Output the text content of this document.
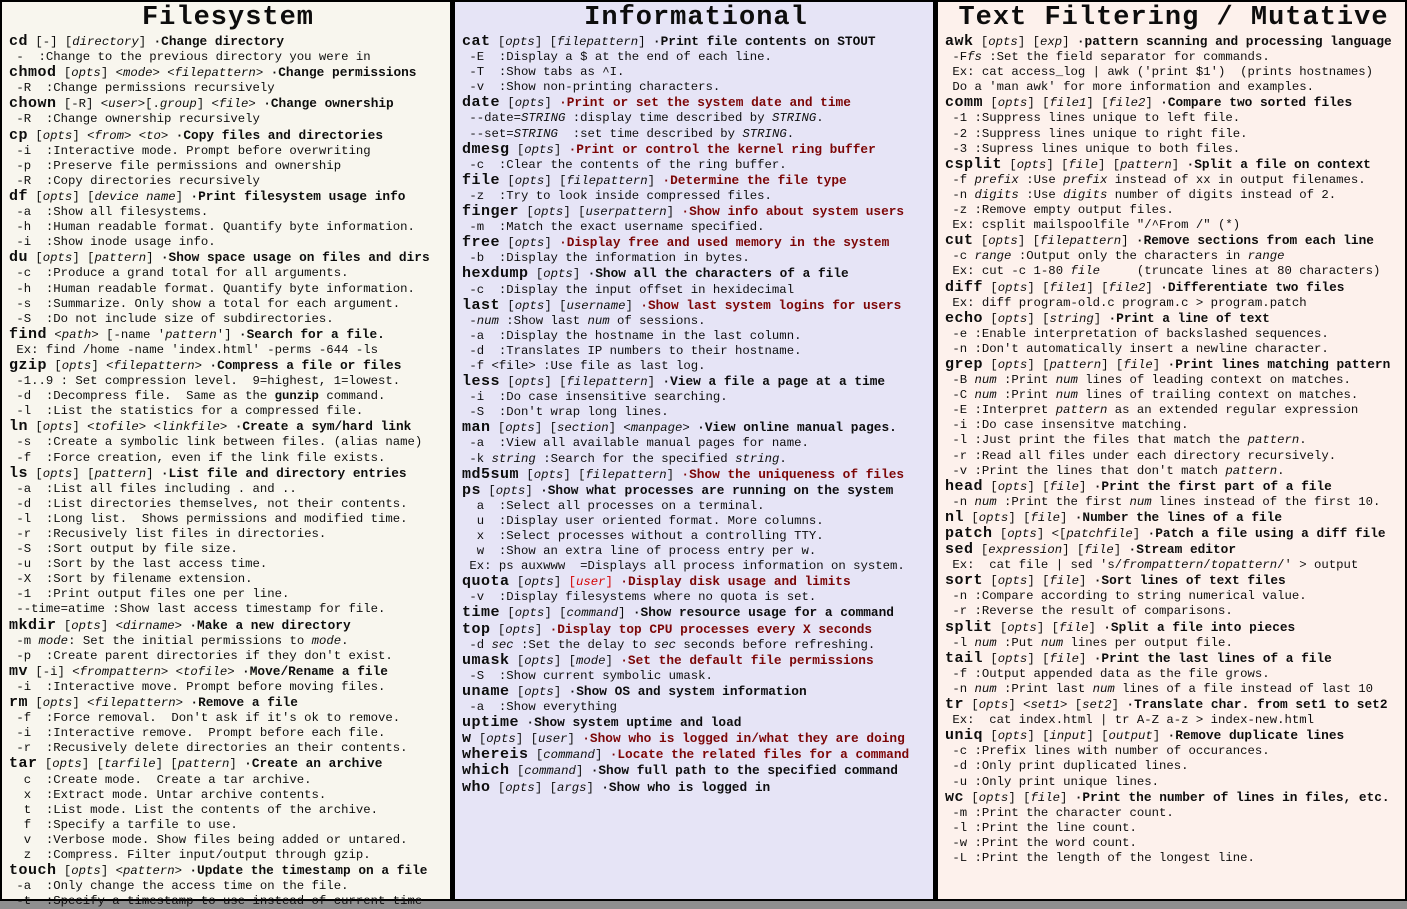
Filesystem
cd [-] [directory] ·Change directory
-  :Change to the previous directory you were in
chmod [opts] <mode> <filepattern> ·Change permissions
-R  :Change permissions recursively
chown [-R] <user>[.group] <file> ·Change ownership
-R  :Change ownership recursively
cp [opts] <from> <to> ·Copy files and directories
-i  :Interactive mode. Prompt before overwriting
-p  :Preserve file permissions and ownership
-R  :Copy directories recursively
df [opts] [device name] ·Print filesystem usage info
-a  :Show all filesystems.
-h  :Human readable format. Quantify byte information.
-i  :Show inode usage info.
du [opts] [pattern] ·Show space usage on files and dirs
-c  :Produce a grand total for all arguments.
-h  :Human readable format. Quantify byte information.
-s  :Summarize. Only show a total for each argument.
-S  :Do not include size of subdirectories.
find <path> [-name 'pattern'] ·Search for a file.
Ex: find /home -name 'index.html' -perms -644 -ls
gzip [opts] <filepattern> ·Compress a file or files
-1..9 : Set compression level.  9=highest, 1=lowest.
-d  :Decompress file.  Same as the gunzip command.
-l  :List the statistics for a compressed file.
ln [opts] <tofile> <linkfile> ·Create a sym/hard link
-s  :Create a symbolic link between files. (alias name)
-f  :Force creation, even if the link file exists.
ls [opts] [pattern] ·List file and directory entries
-a  :List all files including . and ..
-d  :List directories themselves, not their contents.
-l  :Long list.  Shows permissions and modified time.
-r  :Recusively list files in directories.
-S  :Sort output by file size.
-u  :Sort by the last access time.
-X  :Sort by filename extension.
-1  :Print output files one per line.
--time=atime :Show last access timestamp for file.
mkdir [opts] <dirname> ·Make a new directory
-m mode: Set the initial permissions to mode.
-p  :Create parent directories if they don't exist.
mv [-i] <frompattern> <tofile> ·Move/Rename a file
-i  :Interactive move. Prompt before moving files.
rm [opts] <filepattern> ·Remove a file
-f  :Force removal.  Don't ask if it's ok to remove.
-i  :Interactive remove.  Prompt before each file.
-r  :Recusively delete directories an their contents.
tar [opts] [tarfile] [pattern] ·Create an archive
c  :Create mode.  Create a tar archive.
x  :Extract mode. Untar archive contents.
t  :List mode. List the contents of the archive.
f  :Specify a tarfile to use.
v  :Verbose mode. Show files being added or untared.
z  :Compress. Filter input/output through gzip.
touch [opts] <pattern> ·Update the timestamp on a file
-a  :Only change the access time on the file.
-t  :Specify a timestamp to use instead of current time
Informational
cat [opts] [filepattern] ·Print file contents on STOUT
-E  :Display a $ at the end of each line.
-T  :Show tabs as ^I.
-v  :Show non-printing characters.
date [opts] ·Print or set the system date and time
--date=STRING :display time described by STRING.
--set=STRING  :set time described by STRING.
dmesg [opts] ·Print or control the kernel ring buffer
-c  :Clear the contents of the ring buffer.
file [opts] [filepattern] ·Determine the file type
-z  :Try to look inside compressed files.
finger [opts] [userpattern] ·Show info about system users
-m  :Match the exact username specified.
free [opts] ·Display free and used memory in the system
-b  :Display the information in bytes.
hexdump [opts] ·Show all the characters of a file
-c  :Display the input offset in hexidecimal
last [opts] [username] ·Show last system logins for users
-num :Show last num of sessions.
-a  :Display the hostname in the last column.
-d  :Translates IP numbers to their hostname.
-f <file> :Use file as last log.
less [opts] [filepattern] ·View a file a page at a time
-i  :Do case insensitive searching.
-S  :Don't wrap long lines.
man [opts] [section] <manpage> ·View online manual pages.
-a  :View all available manual pages for name.
-k string :Search for the specified string.
md5sum [opts] [filepattern] ·Show the uniqueness of files
ps [opts] ·Show what processes are running on the system
a  :Select all processes on a terminal.
u  :Display user oriented format. More columns.
x  :Select processes without a controlling TTY.
w  :Show an extra line of process entry per w.
Ex: ps auxwww  =Displays all process information on system.
quota [opts] [user] ·Display disk usage and limits
-v  :Display filesystems where no quota is set.
time [opts] [command] ·Show resource usage for a command
top [opts] ·Display top CPU processes every X seconds
-d sec :Set the delay to sec seconds before refreshing.
umask [opts] [mode] ·Set the default file permissions
-S  :Show current symbolic umask.
uname [opts] ·Show OS and system information
-a  :Show everything
uptime ·Show system uptime and load
w [opts] [user] ·Show who is logged in/what they are doing
whereis [command] ·Locate the related files for a command
which [command] ·Show full path to the specified command
who [opts] [args] ·Show who is logged in
Text Filtering / Mutative
awk [opts] [exp] ·pattern scanning and processing language
-Ffs :Set the field separator for commands.
Ex: cat access_log | awk ('print $1')  (prints hostnames)
Do a 'man awk' for more information and examples.
comm [opts] [file1] [file2] ·Compare two sorted files
-1 :Suppress lines unique to left file.
-2 :Suppress lines unique to right file.
-3 :Supress lines unique to both files.
csplit [opts] [file] [pattern] ·Split a file on context
-f prefix :Use prefix instead of xx in output filenames.
-n digits :Use digits number of digits instead of 2.
-z :Remove empty output files.
Ex: csplit mailspoolfile "/^From /" (*)
cut [opts] [filepattern] ·Remove sections from each line
-c range :Output only the characters in range
Ex: cut -c 1-80 file     (truncate lines at 80 characters)
diff [opts] [file1] [file2] ·Differentiate two files
Ex: diff program-old.c program.c > program.patch
echo [opts] [string] ·Print a line of text
-e :Enable interpretation of backslashed sequences.
-n :Don't automatically insert a newline character.
grep [opts] [pattern] [file] ·Print lines matching pattern
-B num :Print num lines of leading context on matches.
-C num :Print num lines of trailing context on matches.
-E :Interpret pattern as an extended regular expression
-i :Do case insensitve matching.
-l :Just print the files that match the pattern.
-r :Read all files under each directory recursively.
-v :Print the lines that don't match pattern.
head [opts] [file] ·Print the first part of a file
-n num :Print the first num lines instead of the first 10.
nl [opts] [file] ·Number the lines of a file
patch [opts] <[patchfile] ·Patch a file using a diff file
sed [expression] [file] ·Stream editor
Ex:  cat file | sed 's/frompattern/topattern/' > output
sort [opts] [file] ·Sort lines of text files
-n :Compare according to string numerical value.
-r :Reverse the result of comparisons.
split [opts] [file] ·Split a file into pieces
-l num :Put num lines per output file.
tail [opts] [file] ·Print the last lines of a file
-f :Output appended data as the file grows.
-n num :Print last num lines of a file instead of last 10
tr [opts] <set1> [set2] ·Translate char. from set1 to set2
Ex:  cat index.html | tr A-Z a-z > index-new.html
uniq [opts] [input] [output] ·Remove duplicate lines
-c :Prefix lines with number of occurances.
-d :Only print duplicated lines.
-u :Only print unique lines.
wc [opts] [file] ·Print the number of lines in files, etc.
-m :Print the character count.
-l :Print the line count.
-w :Print the word count.
-L :Print the length of the longest line.
